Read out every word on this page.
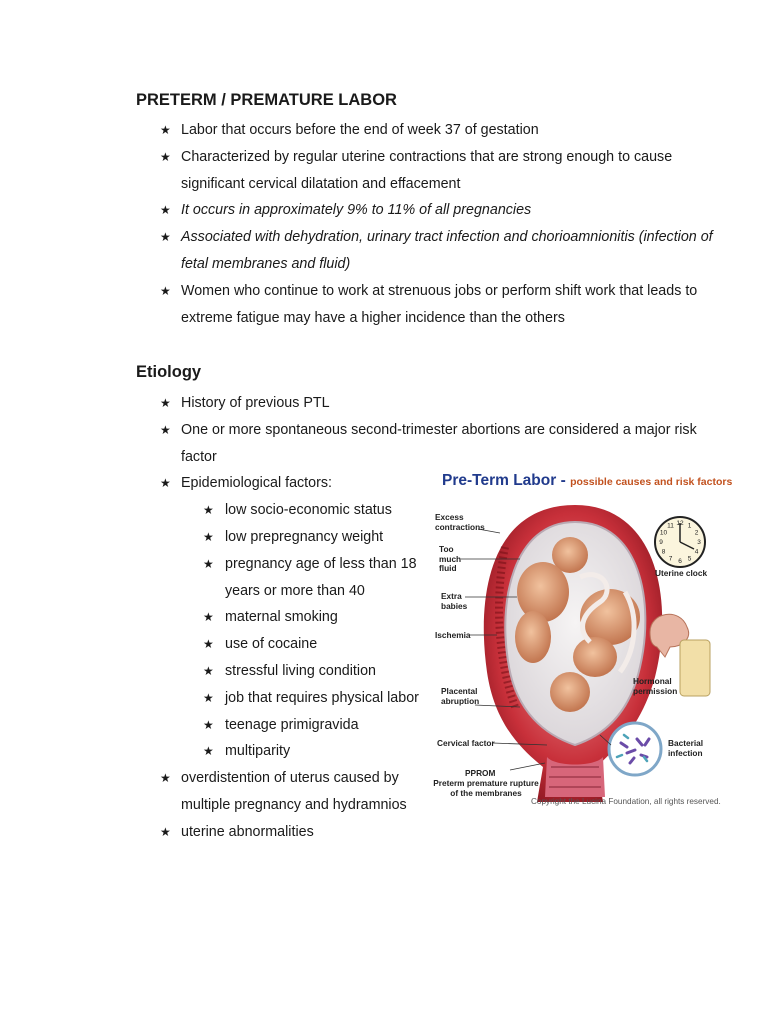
PRETERM / PREMATURE LABOR
★ Labor that occurs before the end of week 37 of gestation
★ Characterized by regular uterine contractions that are strong enough to cause significant cervical dilatation and effacement
★ It occurs in approximately 9% to 11% of all pregnancies
★ Associated with dehydration, urinary tract infection and chorioamnionitis (infection of fetal membranes and fluid)
★ Women who continue to work at strenuous jobs or perform shift work that leads to extreme fatigue may have a higher incidence than the others
Etiology
★ History of previous PTL
★ One or more spontaneous second-trimester abortions are considered a major risk factor
★ Epidemiological factors:
★ low socio-economic status
★ low prepregnancy weight
★ pregnancy age of less than 18 years or more than 40
★ maternal smoking
★ use of cocaine
★ stressful living condition
★ job that requires physical labor
★ teenage primigravida
★ multiparity
★ overdistention of uterus caused by multiple pregnancy and hydramnios
★ uterine abnormalities
Pre-Term Labor - possible causes and risk factors
12 1
2
3
4
5
6
7
8
9
10
11
Excess contractions
Too much fluid
Extra babies
Ischemia
Placental abruption
Cervical factor
PPROM
Preterm premature rupture of the membranes
Uterine clock
Hormonal permission
Bacterial infection
Copyright the Lucina Foundation, all rights reserved.
